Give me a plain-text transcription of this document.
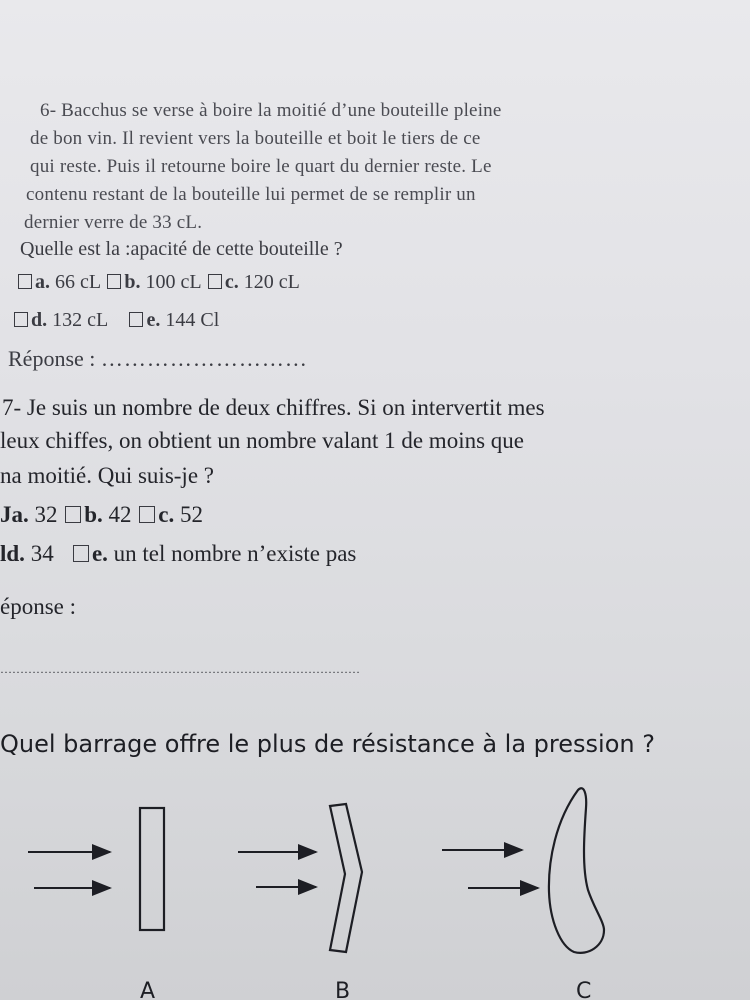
6- Bacchus se verse à boire la moitié d’une bouteille pleine

de bon vin. Il revient vers la bouteille et boit le tiers de ce

qui reste. Puis il retourne boire le quart du dernier reste. Le

contenu restant de la bouteille lui permet de se remplir un

dernier verre de 33 cL.

Quelle est la :apacité de cette bouteille ?

a. 66 cL b. 100 cL c. 120 cL
d. 132 cL e. 144 Cl
Réponse : ………………………

7- Je suis un nombre de deux chiffres. Si on intervertit mes

leux chiffes, on obtient un nombre valant 1 de moins que

na moitié. Qui suis-je ?

Ja. 32 b. 42 c. 52
ld. 34 e. un tel nombre n’existe pas

éponse :

………………………………………………………………………………

Quel barrage offre le plus de résistance à la pression ?

A	B	C
